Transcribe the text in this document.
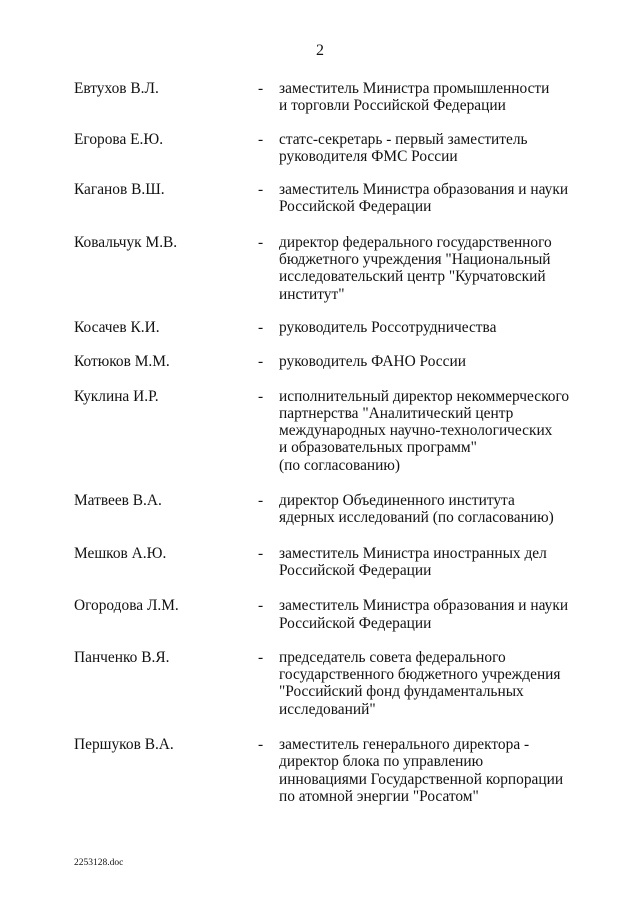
2
Евтухов В.Л.	- заместитель Министра промышленности
и торговли Российской Федерации
Егорова Е.Ю.	- статс-секретарь - первый заместитель
руководителя ФМС России
Каганов В.Ш.	- заместитель Министра образования и науки
Российской Федерации
Ковальчук М.В.	- директор федерального государственного
бюджетного учреждения "Национальный
исследовательский центр "Курчатовский
институт"
Косачев К.И.	- руководитель Россотрудничества
Котюков М.М.	- руководитель ФАНО России
Куклина И.Р.	- исполнительный директор некоммерческого
партнерства "Аналитический центр
международных научно-технологических
и образовательных программ"
(по согласованию)
Матвеев В.А.	- директор Объединенного института
ядерных исследований (по согласованию)
Мешков А.Ю.	- заместитель Министра иностранных дел
Российской Федерации
Огородова Л.М.	- заместитель Министра образования и науки
Российской Федерации
Панченко В.Я.	- председатель совета федерального
государственного бюджетного учреждения
"Российский фонд фундаментальных
исследований"
Першуков В.А.	- заместитель генерального директора -
директор блока по управлению
инновациями Государственной корпорации
по атомной энергии "Росатом"
2253128.doc
